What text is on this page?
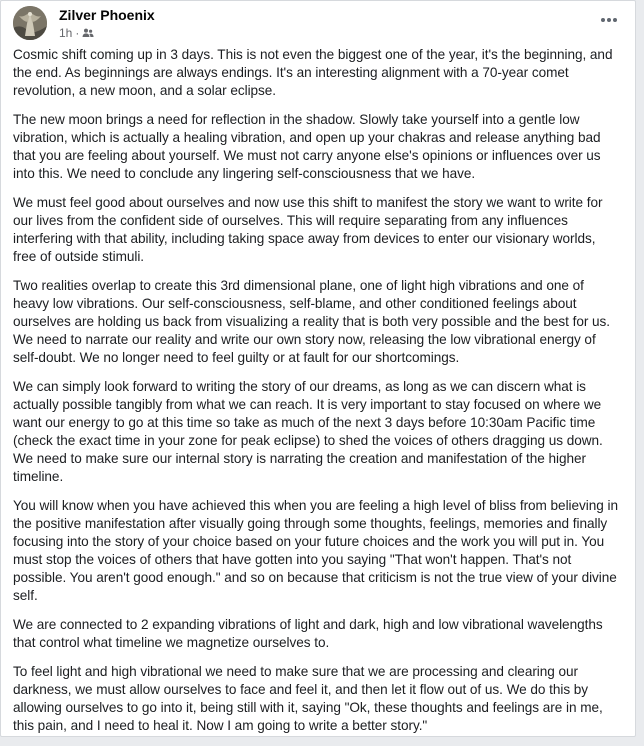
Zilver Phoenix
1h ·

Cosmic shift coming up in 3 days. This is not even the biggest one of the year, it's the beginning, and the end. As beginnings are always endings. It's an interesting alignment with a 70-year comet revolution, a new moon, and a solar eclipse.

The new moon brings a need for reflection in the shadow. Slowly take yourself into a gentle low vibration, which is actually a healing vibration, and open up your chakras and release anything bad that you are feeling about yourself. We must not carry anyone else's opinions or influences over us into this. We need to conclude any lingering self-consciousness that we have.

We must feel good about ourselves and now use this shift to manifest the story we want to write for our lives from the confident side of ourselves. This will require separating from any influences interfering with that ability, including taking space away from devices to enter our visionary worlds, free of outside stimuli.

Two realities overlap to create this 3rd dimensional plane, one of light high vibrations and one of heavy low vibrations. Our self-consciousness, self-blame, and other conditioned feelings about ourselves are holding us back from visualizing a reality that is both very possible and the best for us. We need to narrate our reality and write our own story now, releasing the low vibrational energy of self-doubt. We no longer need to feel guilty or at fault for our shortcomings.

We can simply look forward to writing the story of our dreams, as long as we can discern what is actually possible tangibly from what we can reach. It is very important to stay focused on where we want our energy to go at this time so take as much of the next 3 days before 10:30am Pacific time (check the exact time in your zone for peak eclipse) to shed the voices of others dragging us down. We need to make sure our internal story is narrating the creation and manifestation of the higher timeline.

You will know when you have achieved this when you are feeling a high level of bliss from believing in the positive manifestation after visually going through some thoughts, feelings, memories and finally focusing into the story of your choice based on your future choices and the work you will put in. You must stop the voices of others that have gotten into you saying "That won't happen. That's not possible. You aren't good enough." and so on because that criticism is not the true view of your divine self.

We are connected to 2 expanding vibrations of light and dark, high and low vibrational wavelengths that control what timeline we magnetize ourselves to.

To feel light and high vibrational we need to make sure that we are processing and clearing our darkness, we must allow ourselves to face and feel it, and then let it flow out of us. We do this by allowing ourselves to go into it, being still with it, saying "Ok, these thoughts and feelings are in me, this pain, and I need to heal it. Now I am going to write a better story."
